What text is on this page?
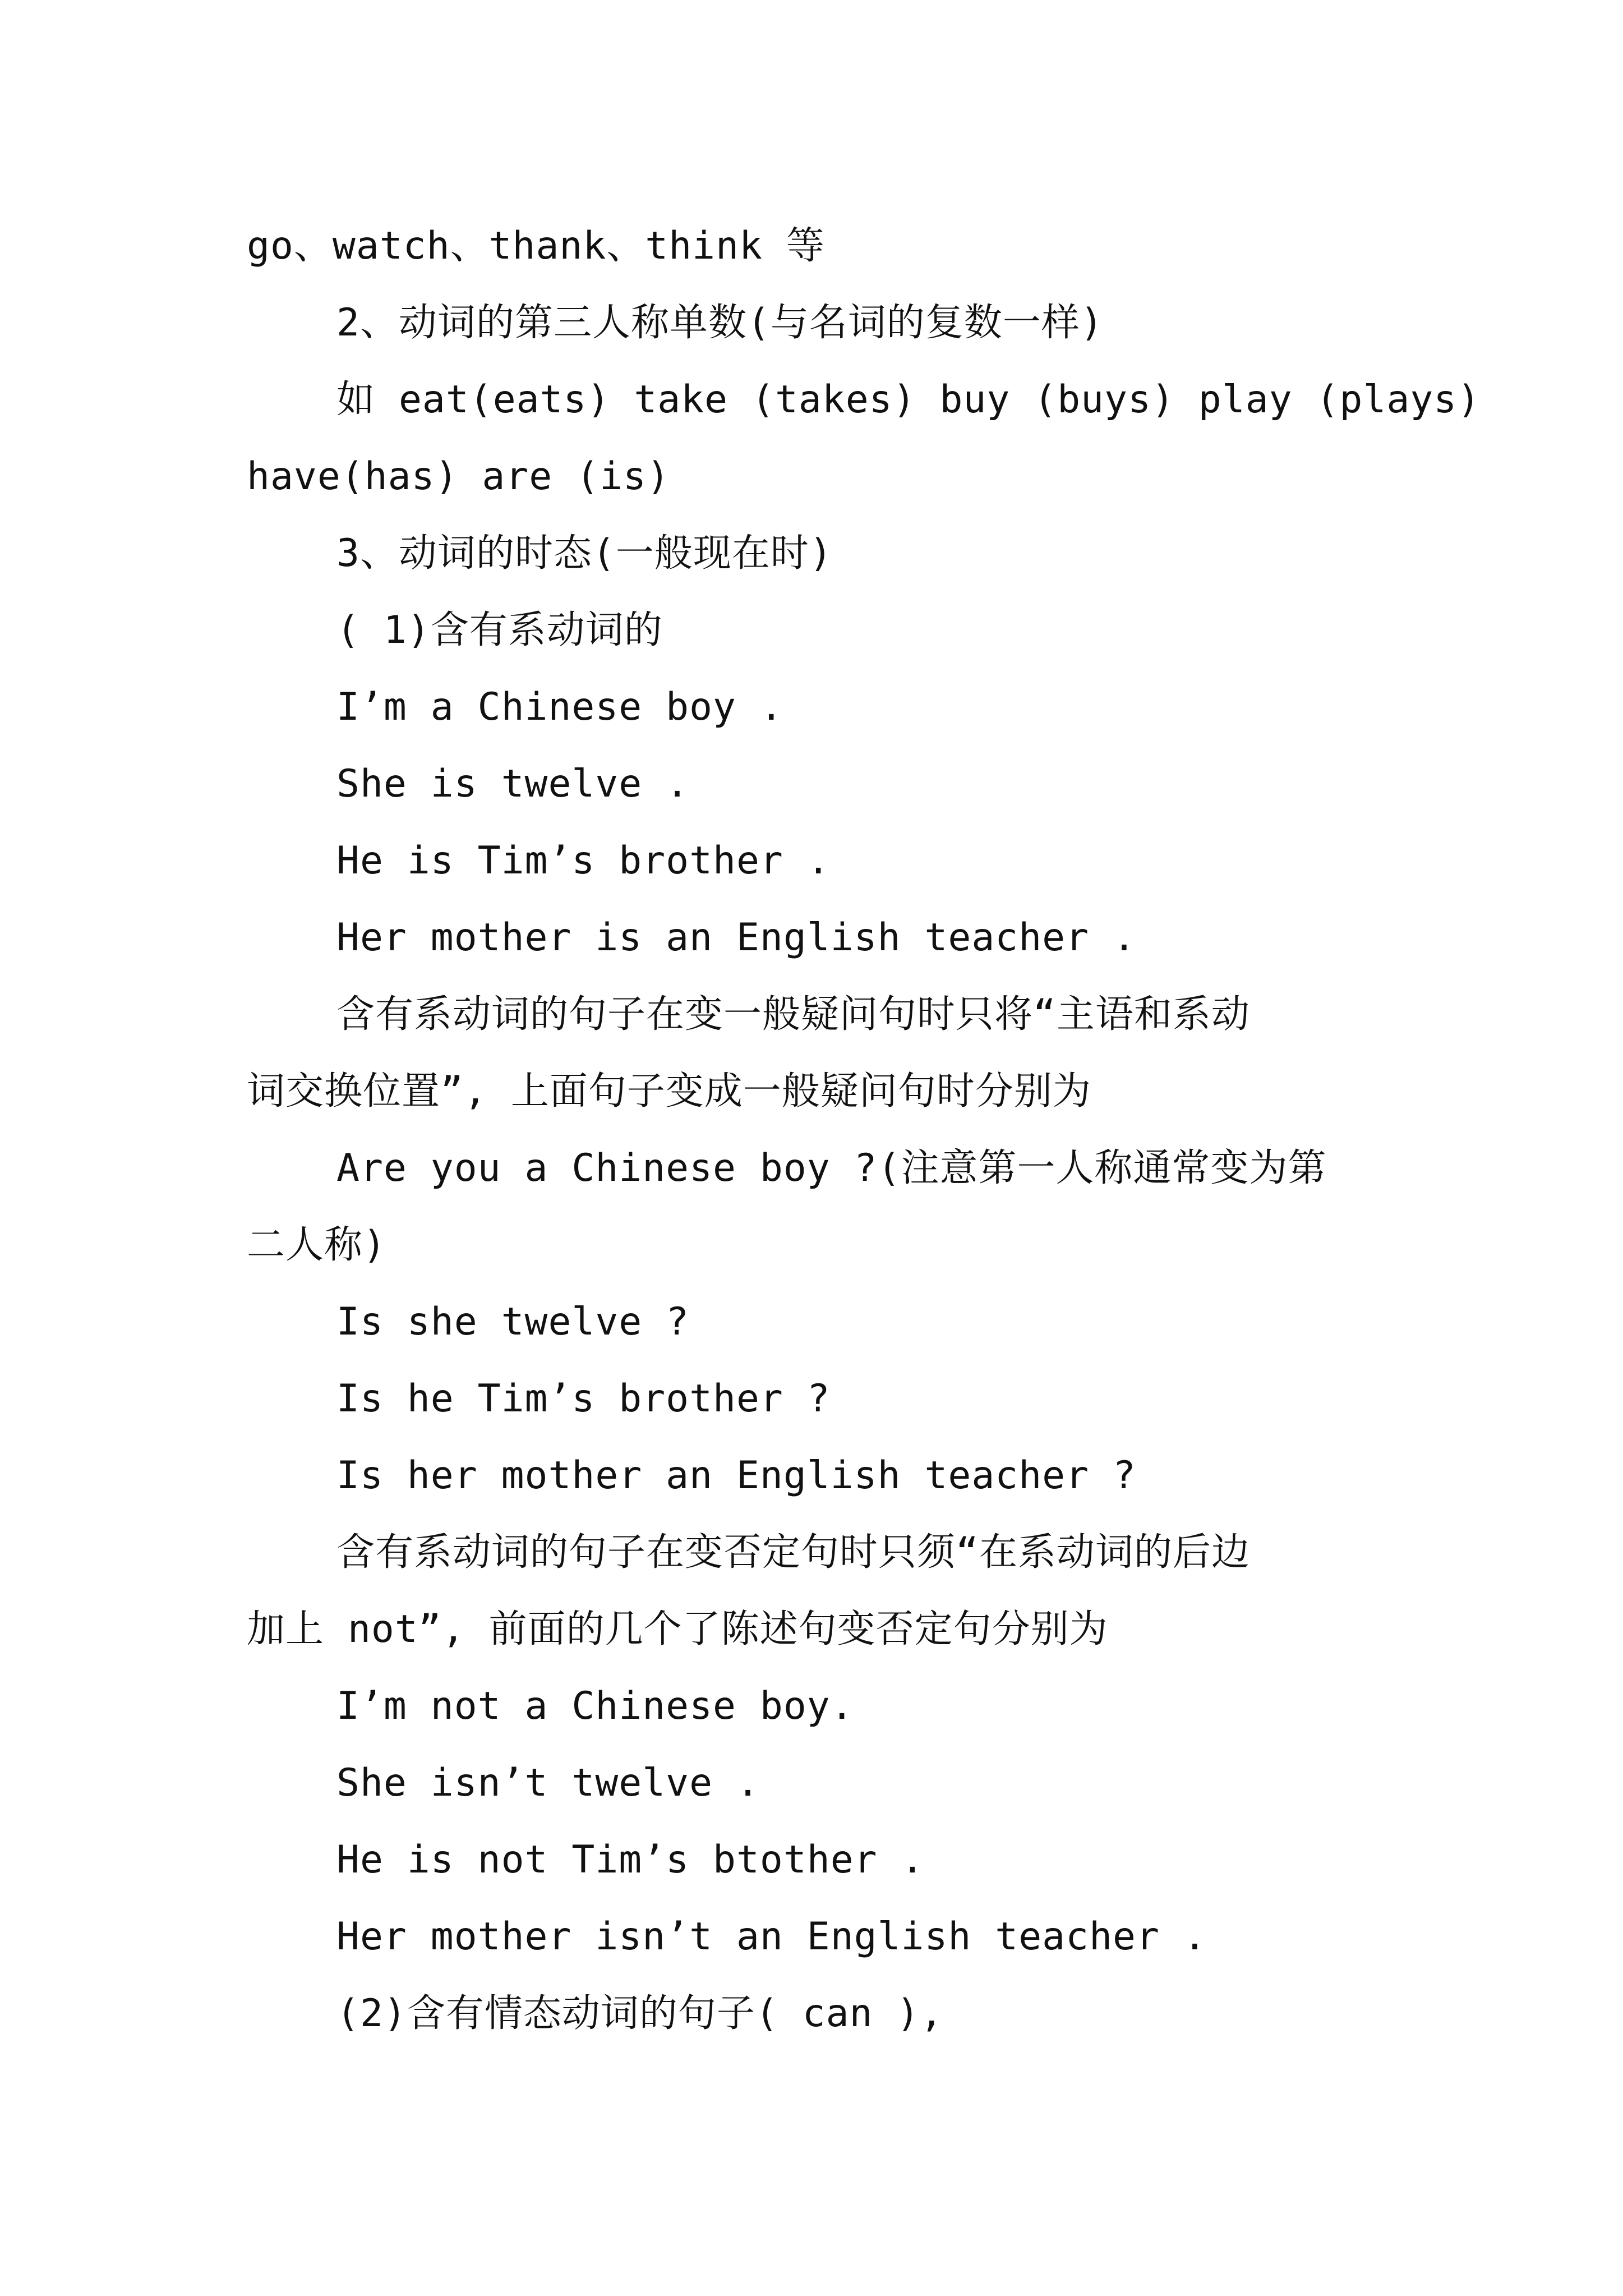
go、watch、thank、think 等

2、动词的第三人称单数(与名词的复数一样)

如 eat(eats) take (takes) buy (buys) play (plays)

have(has) are (is)

3、动词的时态(一般现在时)

( 1)含有系动词的

I’m a Chinese boy .

She is twelve .

He is Tim’s brother .

Her mother is an English teacher .

含有系动词的句子在变一般疑问句时只将“主语和系动

词交换位置”, 上面句子变成一般疑问句时分别为

Are you a Chinese boy ?(注意第一人称通常变为第

二人称)

Is she twelve ?

Is he Tim’s brother ?

Is her mother an English teacher ?

含有系动词的句子在变否定句时只须“在系动词的后边

加上 not”, 前面的几个了陈述句变否定句分别为

I’m not a Chinese boy.

She isn’t twelve .

He is not Tim’s btother .

Her mother isn’t an English teacher .

(2)含有情态动词的句子( can ),
